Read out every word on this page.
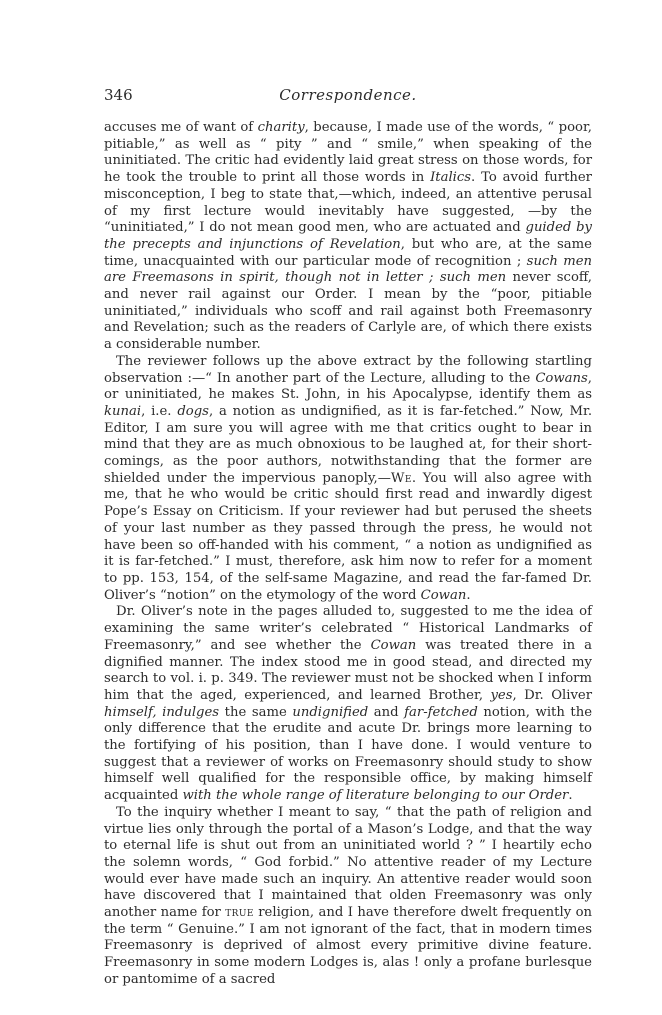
346	Correspondence.

accuses me of want of charity, because, I made use of the words, “ poor, pitiable,” as well as “ pity ” and “ smile,” when speaking of the uninitiated. The critic had evidently laid great stress on those words, for he took the trouble to print all those words in Italics. To avoid further misconception, I beg to state that,—which, indeed, an attentive perusal of my first lecture would inevitably have suggested, —by the “uninitiated,” I do not mean good men, who are actuated and guided by the precepts and injunctions of Revelation, but who are, at the same time, unacquainted with our particular mode of recognition ; such men are Freemasons in spirit, though not in letter ; such men never scoff, and never rail against our Order. I mean by the “poor, pitiable uninitiated,” individuals who scoff and rail against both Freemasonry and Revelation; such as the readers of Carlyle are, of which there exists a considerable number.

The reviewer follows up the above extract by the following startling observation :—“ In another part of the Lecture, alluding to the Cowans, or uninitiated, he makes St. John, in his Apocalypse, identify them as kunai, i.e. dogs, a notion as undignified, as it is far-fetched.” Now, Mr. Editor, I am sure you will agree with me that critics ought to bear in mind that they are as much obnoxious to be laughed at, for their short-comings, as the poor authors, notwithstanding that the former are shielded under the impervious panoply,—We. You will also agree with me, that he who would be critic should first read and inwardly digest Pope’s Essay on Criticism. If your reviewer had but perused the sheets of your last number as they passed through the press, he would not have been so off-handed with his comment, “ a notion as undignified as it is far-fetched.” I must, therefore, ask him now to refer for a moment to pp. 153, 154, of the self-same Magazine, and read the far-famed Dr. Oliver’s “notion” on the etymology of the word Cowan.

Dr. Oliver’s note in the pages alluded to, suggested to me the idea of examining the same writer’s celebrated “ Historical Landmarks of Freemasonry,” and see whether the Cowan was treated there in a dignified manner. The index stood me in good stead, and directed my search to vol. i. p. 349. The reviewer must not be shocked when I inform him that the aged, experienced, and learned Brother, yes, Dr. Oliver himself, indulges the same undignified and far-fetched notion, with the only difference that the erudite and acute Dr. brings more learning to the fortifying of his position, than I have done. I would venture to suggest that a reviewer of works on Freemasonry should study to show himself well qualified for the responsible office, by making himself acquainted with the whole range of literature belonging to our Order.

To the inquiry whether I meant to say, “ that the path of religion and virtue lies only through the portal of a Mason’s Lodge, and that the way to eternal life is shut out from an uninitiated world ? ” I heartily echo the solemn words, “ God forbid.” No attentive reader of my Lecture would ever have made such an inquiry. An attentive reader would soon have discovered that I maintained that olden Freemasonry was only another name for true religion, and I have therefore dwelt frequently on the term “ Genuine.” I am not ignorant of the fact, that in modern times Freemasonry is deprived of almost every primitive divine feature. Freemasonry in some modern Lodges is, alas ! only a profane burlesque or pantomime of a sacred
